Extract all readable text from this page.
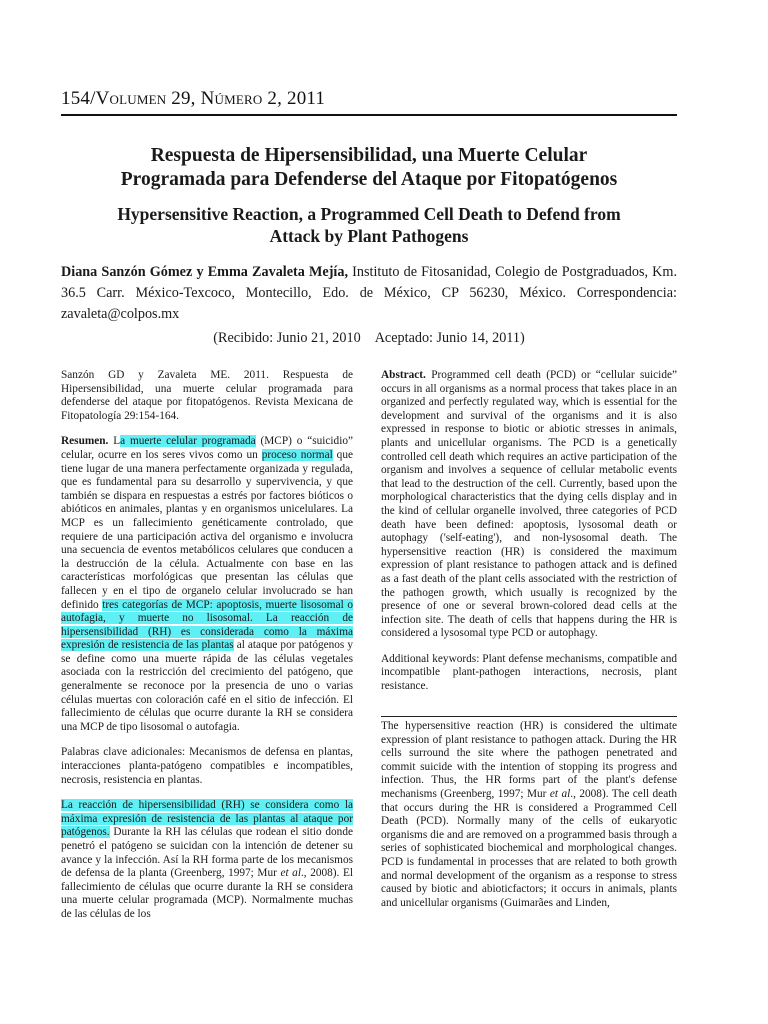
154/Volumen 29, Número 2, 2011
Respuesta de Hipersensibilidad, una Muerte Celular
Programada para Defenderse del Ataque por Fitopatógenos
Hypersensitive Reaction, a Programmed Cell Death to Defend from
Attack by Plant Pathogens
Diana Sanzón Gómez y Emma Zavaleta Mejía, Instituto de Fitosanidad, Colegio de Postgraduados, Km. 36.5 Carr. México-Texcoco, Montecillo, Edo. de México, CP 56230, México. Correspondencia: zavaleta@colpos.mx
(Recibido: Junio 21, 2010 Aceptado: Junio 14, 2011)

Sanzón GD y Zavaleta ME. 2011. Respuesta de Hipersensibilidad, una muerte celular programada para defenderse del ataque por fitopatógenos. Revista Mexicana de Fitopatología 29:154-164.

Resumen. La muerte celular programada (MCP) o “suicidio” celular, ocurre en los seres vivos como un proceso normal que tiene lugar de una manera perfectamente organizada y regulada, que es fundamental para su desarrollo y supervivencia, y que también se dispara en respuestas a estrés por factores bióticos o abióticos en animales, plantas y en organismos unicelulares. La MCP es un fallecimiento genéticamente controlado, que requiere de una participación activa del organismo e involucra una secuencia de eventos metabólicos celulares que conducen a la destrucción de la célula. Actualmente con base en las características morfológicas que presentan las células que fallecen y en el tipo de organelo celular involucrado se han definido tres categorías de MCP: apoptosis, muerte lisosomal o autofagia, y muerte no lisosomal. La reacción de hipersensibilidad (RH) es considerada como la máxima expresión de resistencia de las plantas al ataque por patógenos y se define como una muerte rápida de las células vegetales asociada con la restricción del crecimiento del patógeno, que generalmente se reconoce por la presencia de uno o varias células muertas con coloración café en el sitio de infección. El fallecimiento de células que ocurre durante la RH se considera una MCP de tipo lisosomal o autofagia.

Palabras clave adicionales: Mecanismos de defensa en plantas, interacciones planta-patógeno compatibles e incompatibles, necrosis, resistencia en plantas.

La reacción de hipersensibilidad (RH) se considera como la máxima expresión de resistencia de las plantas al ataque por patógenos. Durante la RH las células que rodean el sitio donde penetró el patógeno se suicidan con la intención de detener su avance y la infección. Así la RH forma parte de los mecanismos de defensa de la planta (Greenberg, 1997; Mur et al., 2008). El fallecimiento de células que ocurre durante la RH se considera una muerte celular programada (MCP). Normalmente muchas de las células de los

Abstract. Programmed cell death (PCD) or “cellular suicide” occurs in all organisms as a normal process that takes place in an organized and perfectly regulated way, which is essential for the development and survival of the organisms and it is also expressed in response to biotic or abiotic stresses in animals, plants and unicellular organisms. The PCD is a genetically controlled cell death which requires an active participation of the organism and involves a sequence of cellular metabolic events that lead to the destruction of the cell. Currently, based upon the morphological characteristics that the dying cells display and in the kind of cellular organelle involved, three categories of PCD death have been defined: apoptosis, lysosomal death or autophagy ('self-eating'), and non-lysosomal death. The hypersensitive reaction (HR) is considered the maximum expression of plant resistance to pathogen attack and is defined as a fast death of the plant cells associated with the restriction of the pathogen growth, which usually is recognized by the presence of one or several brown-colored dead cells at the infection site. The death of cells that happens during the HR is considered a lysosomal type PCD or autophagy.

Additional keywords: Plant defense mechanisms, compatible and incompatible plant-pathogen interactions, necrosis, plant resistance.

The hypersensitive reaction (HR) is considered the ultimate expression of plant resistance to pathogen attack. During the HR cells surround the site where the pathogen penetrated and commit suicide with the intention of stopping its progress and infection. Thus, the HR forms part of the plant's defense mechanisms (Greenberg, 1997; Mur et al., 2008). The cell death that occurs during the HR is considered a Programmed Cell Death (PCD). Normally many of the cells of eukaryotic organisms die and are removed on a programmed basis through a series of sophisticated biochemical and morphological changes. PCD is fundamental in processes that are related to both growth and normal development of the organism as a response to stress caused by biotic and abioticfactors; it occurs in animals, plants and unicellular organisms (Guimarães and Linden,
